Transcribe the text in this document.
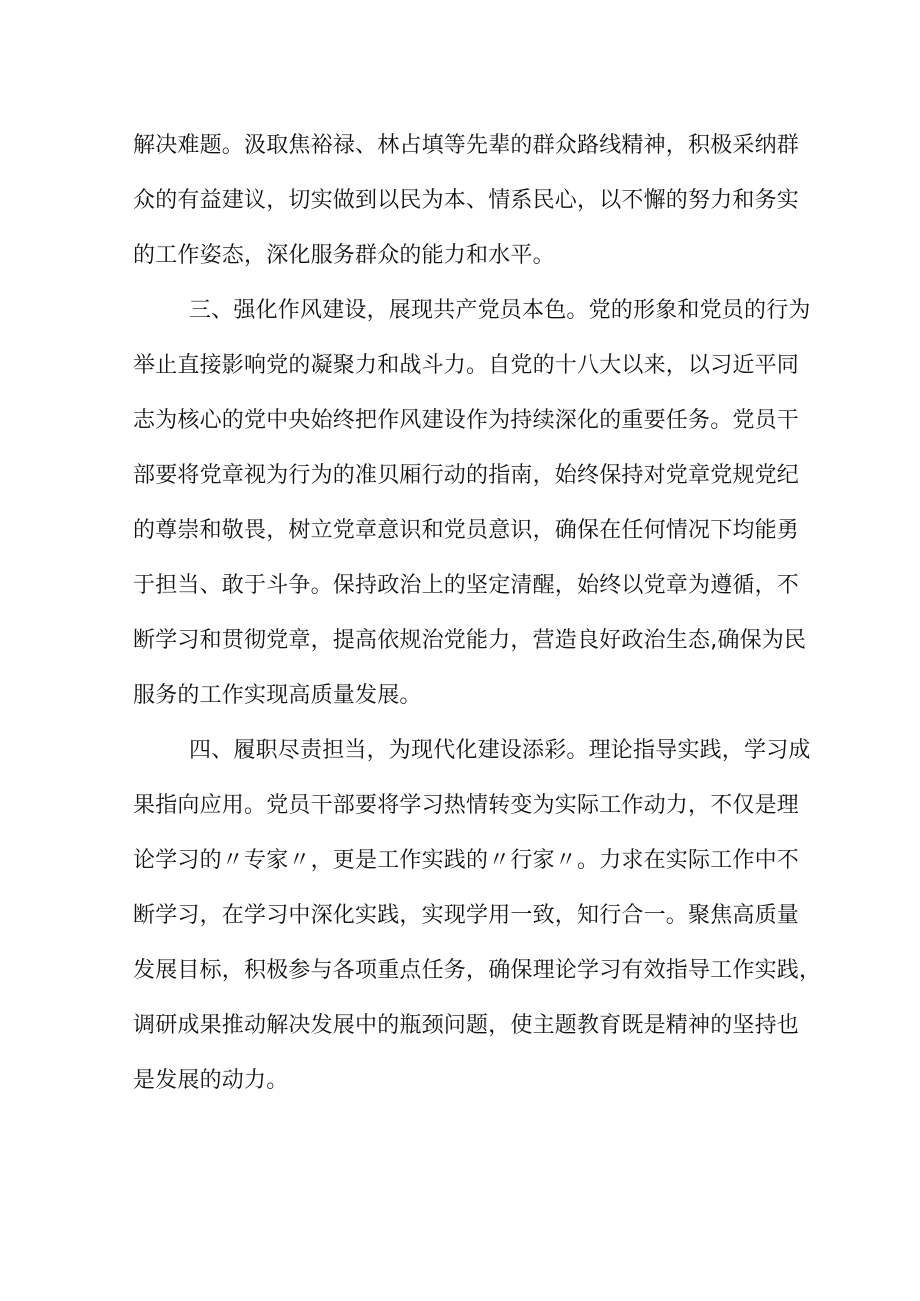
解决难题。汲取焦裕禄、林占填等先辈的群众路线精神，积极采纳群
众的有益建议，切实做到以民为本、情系民心，以不懈的努力和务实
的工作姿态，深化服务群众的能力和水平。
三、强化作风建设，展现共产党员本色。党的形象和党员的行为
举止直接影响党的凝聚力和战斗力。自党的十八大以来，以习近平同
志为核心的党中央始终把作风建设作为持续深化的重要任务。党员干
部要将党章视为行为的准贝厢行动的指南，始终保持对党章党规党纪
的尊崇和敬畏，树立党章意识和党员意识，确保在任何情况下均能勇
于担当、敢于斗争。保持政治上的坚定清醒，始终以党章为遵循，不
断学习和贯彻党章，提高依规治党能力，营造良好政治生态,确保为民
服务的工作实现高质量发展。
四、履职尽责担当，为现代化建设添彩。理论指导实践，学习成
果指向应用。党员干部要将学习热情转变为实际工作动力，不仅是理
论学习的〃专家〃，更是工作实践的〃行家〃。力求在实际工作中不
断学习，在学习中深化实践，实现学用一致，知行合一。聚焦高质量
发展目标，积极参与各项重点任务，确保理论学习有效指导工作实践，
调研成果推动解决发展中的瓶颈问题，使主题教育既是精神的坚持也
是发展的动力。
